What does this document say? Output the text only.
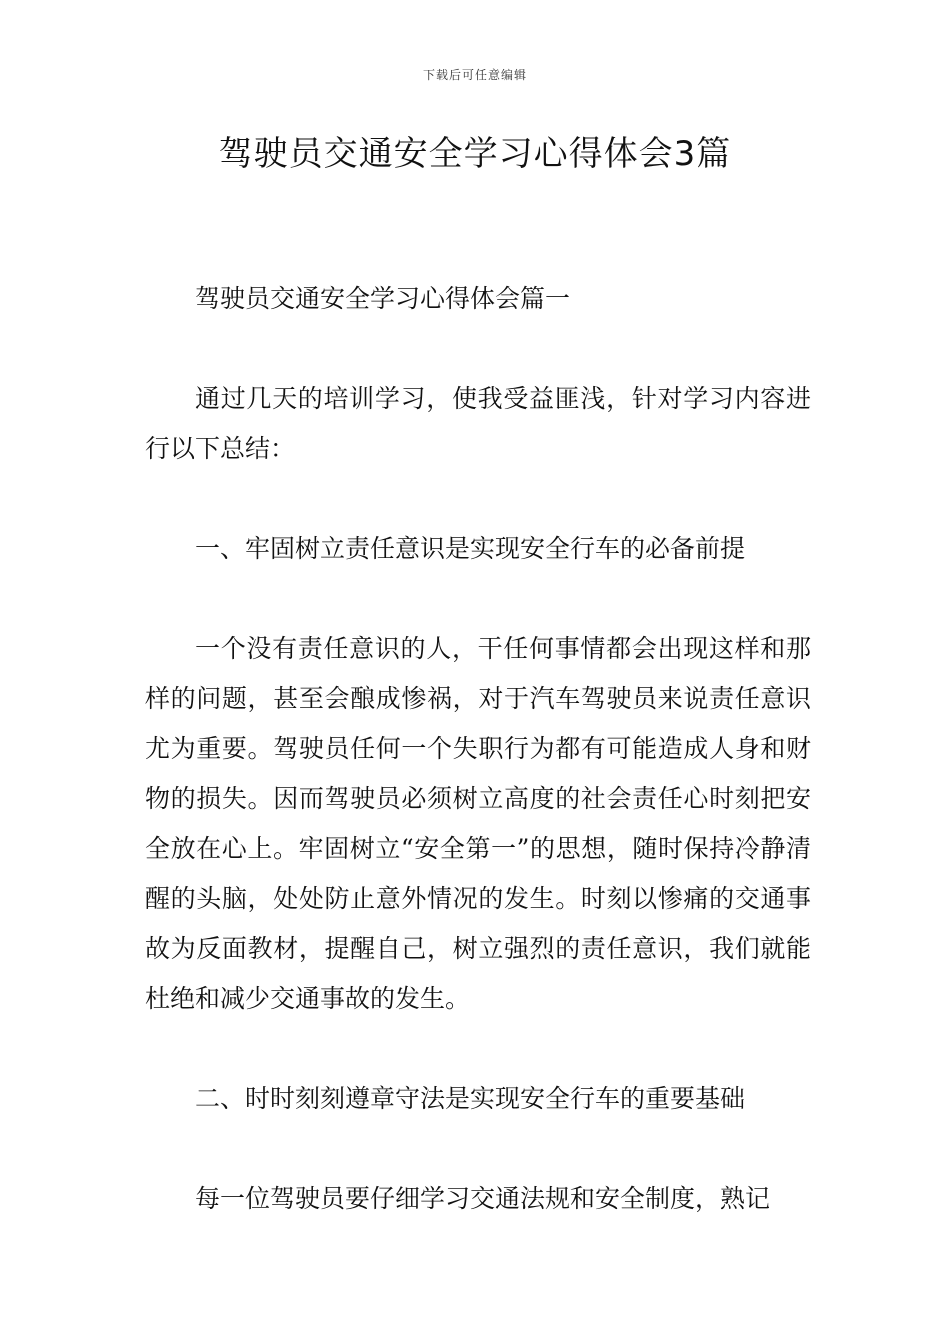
下载后可任意编辑
驾驶员交通安全学习心得体会3篇

驾驶员交通安全学习心得体会篇一

通过几天的培训学习，使我受益匪浅，针对学习内容进行以下总结：

一、牢固树立责任意识是实现安全行车的必备前提

一个没有责任意识的人，干任何事情都会出现这样和那样的问题，甚至会酿成惨祸，对于汽车驾驶员来说责任意识尤为重要。驾驶员任何一个失职行为都有可能造成人身和财物的损失。因而驾驶员必须树立高度的社会责任心时刻把安全放在心上。牢固树立“安全第一”的思想，随时保持冷静清醒的头脑，处处防止意外情况的发生。时刻以惨痛的交通事故为反面教材，提醒自己，树立强烈的责任意识，我们就能杜绝和减少交通事故的发生。

二、时时刻刻遵章守法是实现安全行车的重要基础

每一位驾驶员要仔细学习交通法规和安全制度，熟记
